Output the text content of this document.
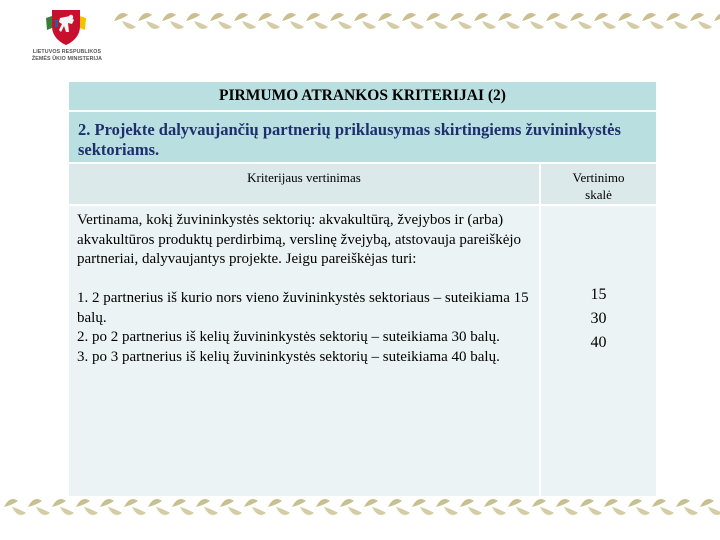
LIETUVOS RESPUBLIKOS
ŽEMĖS ŪKIO MINISTERIJA
PIRMUMO ATRANKOS KRITERIJAI (2)
2. Projekte dalyvaujančių partnerių priklausymas skirtingiems žuvininkystės sektoriams.
Kriterijaus vertinimas	Vertinimo
skalė

Vertinama, kokį žuvininkystės sektorių: akvakultūrą, žvejybos ir (arba) akvakultūros produktų perdirbimą, verslinę žvejybą, atstovauja pareiškėjo partneriai, dalyvaujantys projekte. Jeigu pareiškėjas turi:

1. 2 partnerius iš kurio nors vieno žuvininkystės sektoriaus – suteikiama 15 balų.

2. po 2 partnerius iš kelių žuvininkystės sektorių – suteikiama 30 balų.

3. po 3 partnerius iš kelių žuvininkystės sektorių – suteikiama 40 balų.

15
30
40
